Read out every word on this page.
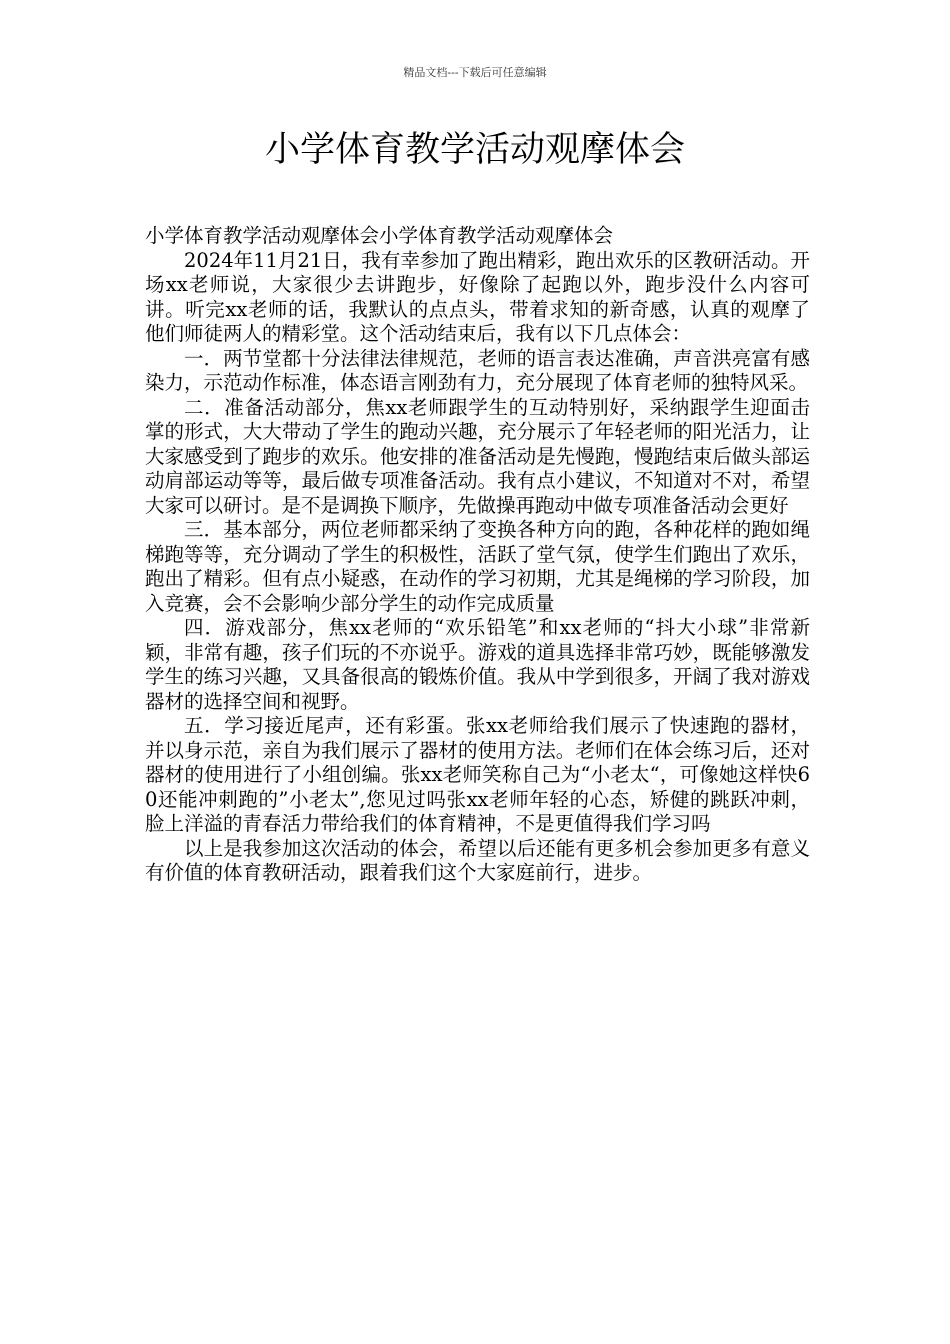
精品文档---下载后可任意编辑
小学体育教学活动观摩体会

小学体育教学活动观摩体会小学体育教学活动观摩体会

2024年11月21日，我有幸参加了跑出精彩，跑出欢乐的区教研活动。开场xx老师说，大家很少去讲跑步，好像除了起跑以外，跑步没什么内容可讲。听完xx老师的话，我默认的点点头，带着求知的新奇感，认真的观摩了他们师徒两人的精彩堂。这个活动结束后，我有以下几点体会：

一．两节堂都十分法律法律规范，老师的语言表达准确，声音洪亮富有感染力，示范动作标准，体态语言刚劲有力，充分展现了体育老师的独特风采。

二．准备活动部分，焦xx老师跟学生的互动特别好，采纳跟学生迎面击掌的形式，大大带动了学生的跑动兴趣，充分展示了年轻老师的阳光活力，让大家感受到了跑步的欢乐。他安排的准备活动是先慢跑，慢跑结束后做头部运动肩部运动等等，最后做专项准备活动。我有点小建议，不知道对不对，希望大家可以研讨。是不是调换下顺序，先做操再跑动中做专项准备活动会更好

三．基本部分，两位老师都采纳了变换各种方向的跑，各种花样的跑如绳梯跑等等，充分调动了学生的积极性，活跃了堂气氛，使学生们跑出了欢乐，跑出了精彩。但有点小疑惑，在动作的学习初期，尤其是绳梯的学习阶段，加入竞赛，会不会影响少部分学生的动作完成质量

四．游戏部分，焦xx老师的“欢乐铅笔”和xx老师的“抖大小球”非常新颖，非常有趣，孩子们玩的不亦说乎。游戏的道具选择非常巧妙，既能够激发学生的练习兴趣，又具备很高的锻炼价值。我从中学到很多，开阔了我对游戏器材的选择空间和视野。

五．学习接近尾声，还有彩蛋。张xx老师给我们展示了快速跑的器材，并以身示范，亲自为我们展示了器材的使用方法。老师们在体会练习后，还对器材的使用进行了小组创编。张xx老师笑称自己为“小老太“，可像她这样快60还能冲刺跑的”小老太”,您见过吗张xx老师年轻的心态，矫健的跳跃冲刺，脸上洋溢的青春活力带给我们的体育精神，不是更值得我们学习吗

以上是我参加这次活动的体会，希望以后还能有更多机会参加更多有意义有价值的体育教研活动，跟着我们这个大家庭前行，进步。
